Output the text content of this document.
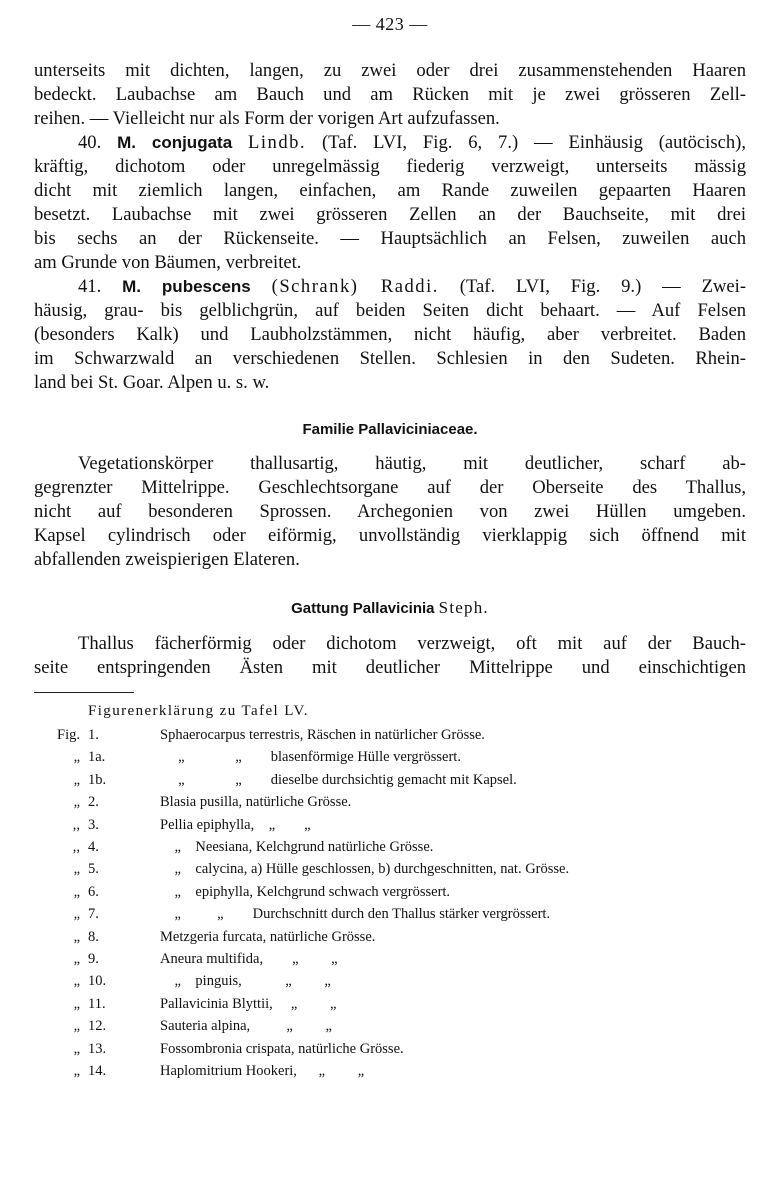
— 423 —

unterseits mit dichten, langen, zu zwei oder drei zusammenstehenden Haaren
bedeckt. Laubachse am Bauch und am Rücken mit je zwei grösseren Zell-
reihen. — Vielleicht nur als Form der vorigen Art aufzufassen.

40. M. conjugata Lindb. (Taf. LVI, Fig. 6, 7.) — Einhäusig (autöcisch),
kräftig, dichotom oder unregelmässig fiederig verzweigt, unterseits mässig
dicht mit ziemlich langen, einfachen, am Rande zuweilen gepaarten Haaren
besetzt. Laubachse mit zwei grösseren Zellen an der Bauchseite, mit drei
bis sechs an der Rückenseite. — Hauptsächlich an Felsen, zuweilen auch
am Grunde von Bäumen, verbreitet.

41. M. pubescens (Schrank) Raddi. (Taf. LVI, Fig. 9.) — Zwei-
häusig, grau- bis gelblichgrün, auf beiden Seiten dicht behaart. — Auf Felsen
(besonders Kalk) und Laubholzstämmen, nicht häufig, aber verbreitet. Baden
im Schwarzwald an verschiedenen Stellen. Schlesien in den Sudeten. Rhein-
land bei St. Goar. Alpen u. s. w.

Familie Pallaviciniaceae.

Vegetationskörper thallusartig, häutig, mit deutlicher, scharf ab-
gegrenzter Mittelrippe. Geschlechtsorgane auf der Oberseite des Thallus,
nicht auf besonderen Sprossen. Archegonien von zwei Hüllen umgeben.
Kapsel cylindrisch oder eiförmig, unvollständig vierklappig sich öffnend mit
abfallenden zweispierigen Elateren.

Gattung Pallavicinia Steph.

Thallus fächerförmig oder dichotom verzweigt, oft mit auf der Bauch-
seite entspringenden Ästen mit deutlicher Mittelrippe und einschichtigen

Figurenerklärung zu Tafel LV.
Fig. 1.	Sphaerocarpus terrestris, Räschen in natürlicher Grösse.
„ 1a.	„              „        blasenförmige Hülle vergrössert.
„ 1b.	„              „        dieselbe durchsichtig gemacht mit Kapsel.
„ 2.	Blasia pusilla, natürliche Grösse.
,, 3.	Pellia epiphylla,    „        „
,, 4.	„    Neesiana, Kelchgrund natürliche Grösse.
„ 5.	„    calycina, a) Hülle geschlossen, b) durchgeschnitten, nat. Grösse.
„ 6.	„    epiphylla, Kelchgrund schwach vergrössert.
„ 7.	„          „        Durchschnitt durch den Thallus stärker vergrössert.
„ 8.	Metzgeria furcata, natürliche Grösse.
„ 9.	Aneura multifida,        „         „
„ 10.	„    pinguis,            „         „
„ 11.	Pallavicinia Blyttii,     „         „
„ 12.	Sauteria alpina,          „         „
„ 13.	Fossombronia crispata, natürliche Grösse.
„ 14.	Haplomitrium Hookeri,      „         „
